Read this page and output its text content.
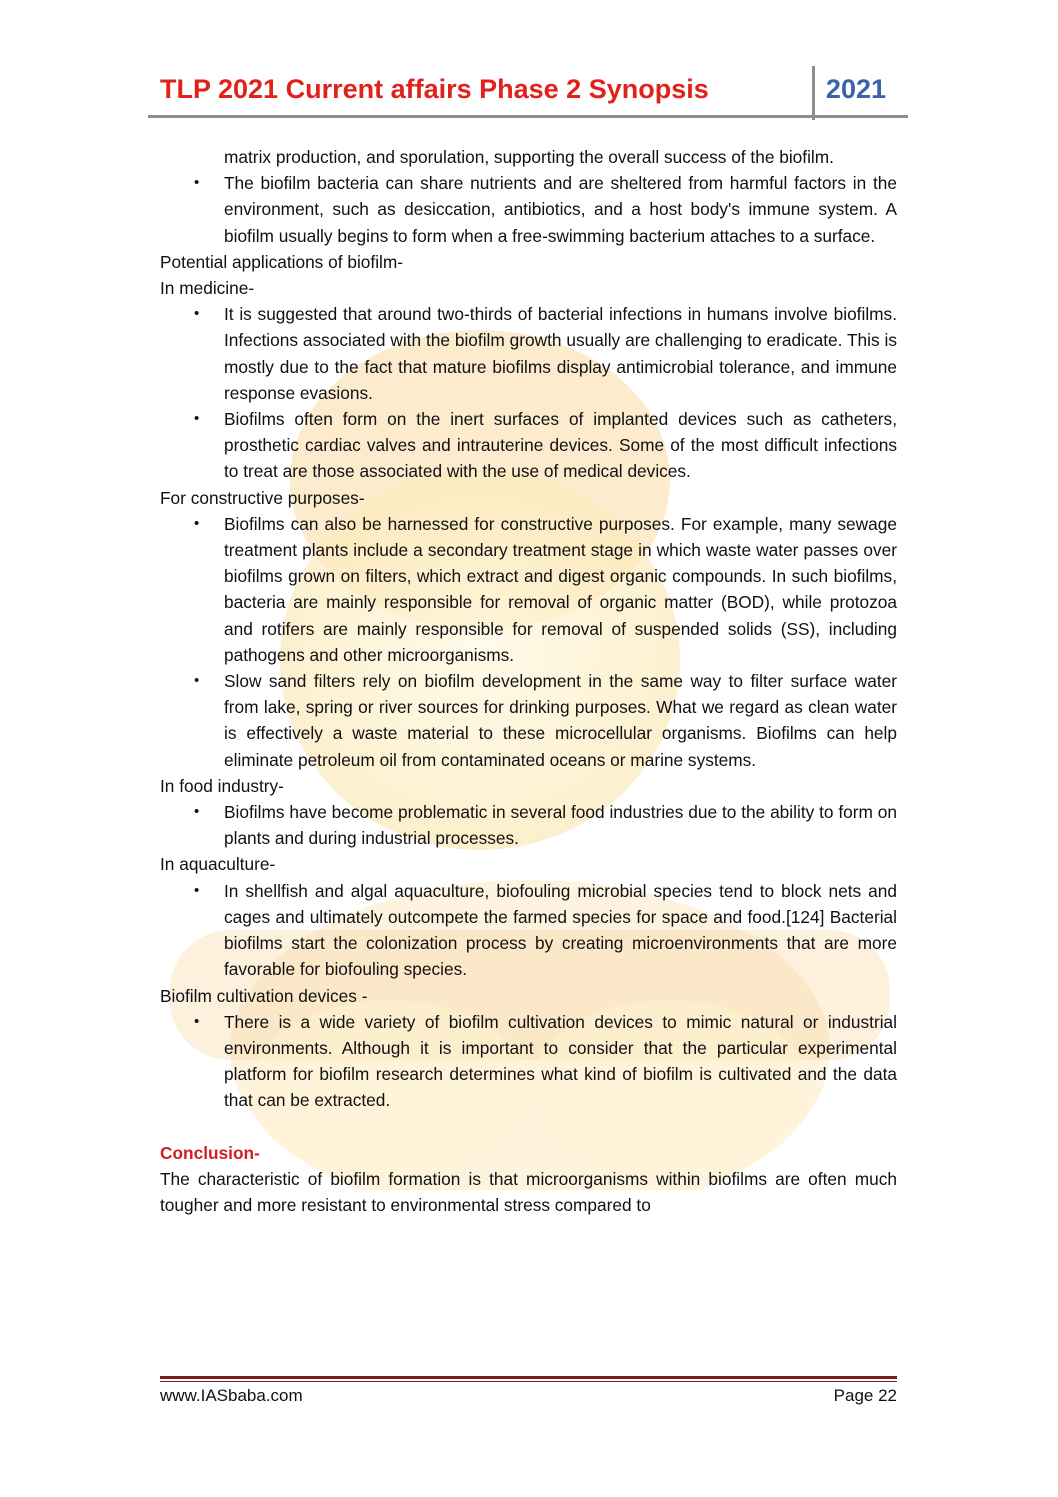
TLP 2021 Current affairs Phase 2 Synopsis	2021

matrix production, and sporulation, supporting the overall success of the biofilm.

• The biofilm bacteria can share nutrients and are sheltered from harmful factors in the environment, such as desiccation, antibiotics, and a host body's immune system. A biofilm usually begins to form when a free-swimming bacterium attaches to a surface.

Potential applications of biofilm-

In medicine-

• It is suggested that around two-thirds of bacterial infections in humans involve biofilms. Infections associated with the biofilm growth usually are challenging to eradicate. This is mostly due to the fact that mature biofilms display antimicrobial tolerance, and immune response evasions.
• Biofilms often form on the inert surfaces of implanted devices such as catheters, prosthetic cardiac valves and intrauterine devices. Some of the most difficult infections to treat are those associated with the use of medical devices.

For constructive purposes-

• Biofilms can also be harnessed for constructive purposes. For example, many sewage treatment plants include a secondary treatment stage in which waste water passes over biofilms grown on filters, which extract and digest organic compounds. In such biofilms, bacteria are mainly responsible for removal of organic matter (BOD), while protozoa and rotifers are mainly responsible for removal of suspended solids (SS), including pathogens and other microorganisms.
• Slow sand filters rely on biofilm development in the same way to filter surface water from lake, spring or river sources for drinking purposes. What we regard as clean water is effectively a waste material to these microcellular organisms. Biofilms can help eliminate petroleum oil from contaminated oceans or marine systems.

In food industry-

• Biofilms have become problematic in several food industries due to the ability to form on plants and during industrial processes.

In aquaculture-

• In shellfish and algal aquaculture, biofouling microbial species tend to block nets and cages and ultimately outcompete the farmed species for space and food.[124] Bacterial biofilms start the colonization process by creating microenvironments that are more favorable for biofouling species.

Biofilm cultivation devices -

• There is a wide variety of biofilm cultivation devices to mimic natural or industrial environments. Although it is important to consider that the particular experimental platform for biofilm research determines what kind of biofilm is cultivated and the data that can be extracted.

Conclusion-

The characteristic of biofilm formation is that microorganisms within biofilms are often much tougher and more resistant to environmental stress compared to

www.IASbaba.com	Page 22
